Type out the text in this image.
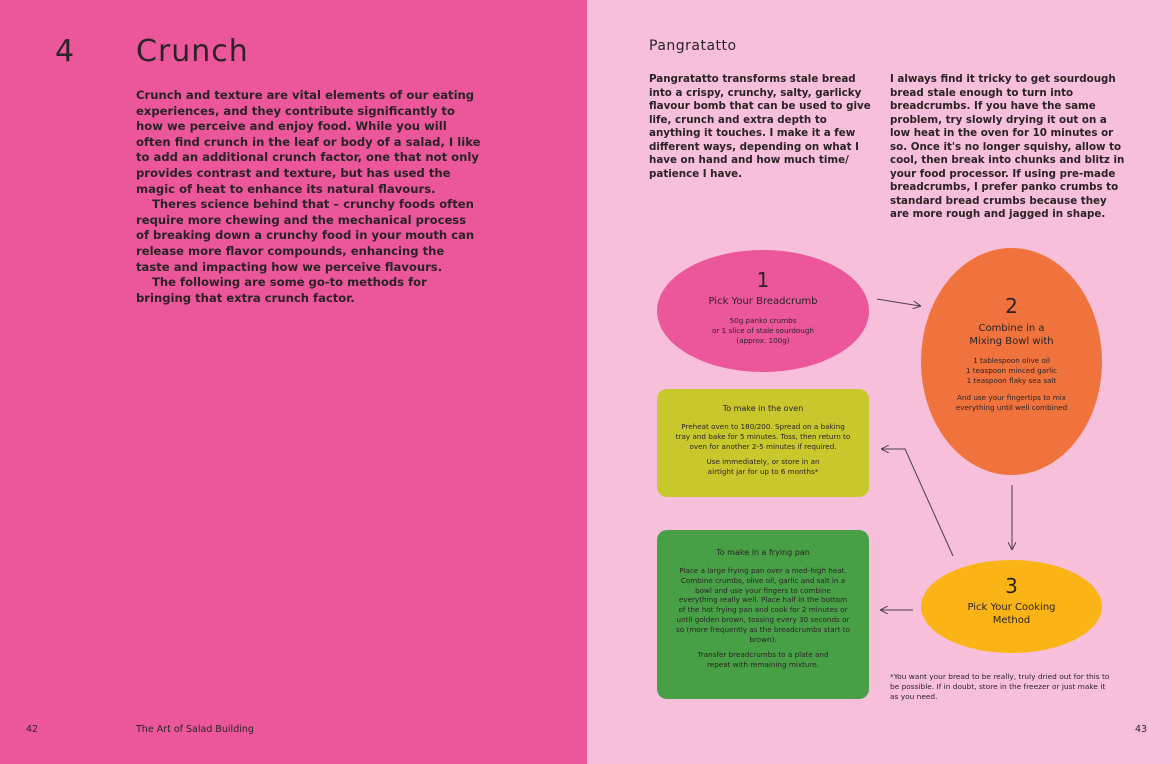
4 Crunch

Crunch and texture are vital elements of our eating experiences, and they contribute significantly to how we perceive and enjoy food. While you will often find crunch in the leaf or body of a salad, I like to add an additional crunch factor, one that not only provides contrast and texture, but has used the magic of heat to enhance its natural flavours.

Theres science behind that – crunchy foods often require more chewing and the mechanical process of breaking down a crunchy food in your mouth can release more flavor compounds, enhancing the taste and impacting how we perceive flavours.

The following are some go-to methods for bringing that extra crunch factor.

42	The Art of Salad Building	43
Pangratatto
Pangratatto transforms stale bread into a crispy, crunchy, salty, garlicky flavour bomb that can be used to give life, crunch and extra depth to anything it touches. I make it a few different ways, depending on what I have on hand and how much time/ patience I have.
I always find it tricky to get sourdough bread stale enough to turn into breadcrumbs. If you have the same problem, try slowly drying it out on a low heat in the oven for 10 minutes or so. Once it's no longer squishy, allow to cool, then break into chunks and blitz in your food processor. If using pre-made breadcrumbs, I prefer panko crumbs to standard bread crumbs because they are more rough and jagged in shape.
1
Pick Your Breadcrumb
50g panko crumbs
or 1 slice of stale sourdough
(approx. 100g)
2
Combine in a Mixing Bowl with
1 tablespoon olive oil
1 teaspoon minced garlic
1 teaspoon flaky sea salt
And use your fingertips to mix everything until well combined
3
Pick Your Cooking Method
To make in the oven
Preheat oven to 180/200. Spread on a baking tray and bake for 5 minutes. Toss, then return to oven for another 2-5 minutes if required.
Use immediately, or store in an airtight jar for up to 6 months*
To make in a frying pan
Place a large frying pan over a med-high heat. Combine crumbs, olive oil, garlic and salt in a bowl and use your fingers to combine everything really well. Place half in the bottom of the hot frying pan and cook for 2 minutes or until golden brown, tossing every 30 seconds or so (more frequently as the breadcrumbs start to brown).
Transfer breadcrumbs to a plate and repeat with remaining mixture.
*You want your bread to be really, truly dried out for this to be possible. If in doubt, store in the freezer or just make it as you need.
